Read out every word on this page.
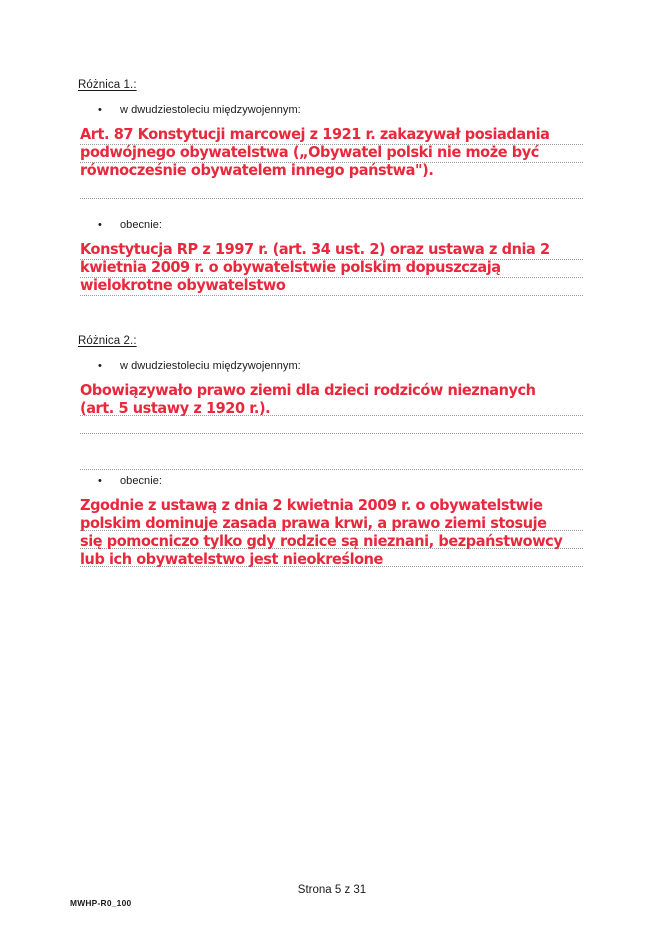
Różnica 1.:
Różnica 2.:
• w dwudziestoleciu międzywojennym:
• obecnie:
• w dwudziestoleciu międzywojennym:
• obecnie:
Art. 87 Konstytucji marcowej z 1921 r. zakazywał posiadania
podwójnego obywatelstwa („Obywatel polski nie może być
równocześnie obywatelem innego państwa").
Konstytucja RP z 1997 r. (art. 34 ust. 2) oraz ustawa z dnia 2
kwietnia 2009 r. o obywatelstwie polskim dopuszczają
wielokrotne obywatelstwo
Obowiązywało prawo ziemi dla dzieci rodziców nieznanych
(art. 5 ustawy z 1920 r.).
Zgodnie z ustawą z dnia 2 kwietnia 2009 r. o obywatelstwie
polskim dominuje zasada prawa krwi, a prawo ziemi stosuje
się pomocniczo tylko gdy rodzice są nieznani, bezpaństwowcy
lub ich obywatelstwo jest nieokreślone
Strona 5 z 31
MWHP-R0_100
